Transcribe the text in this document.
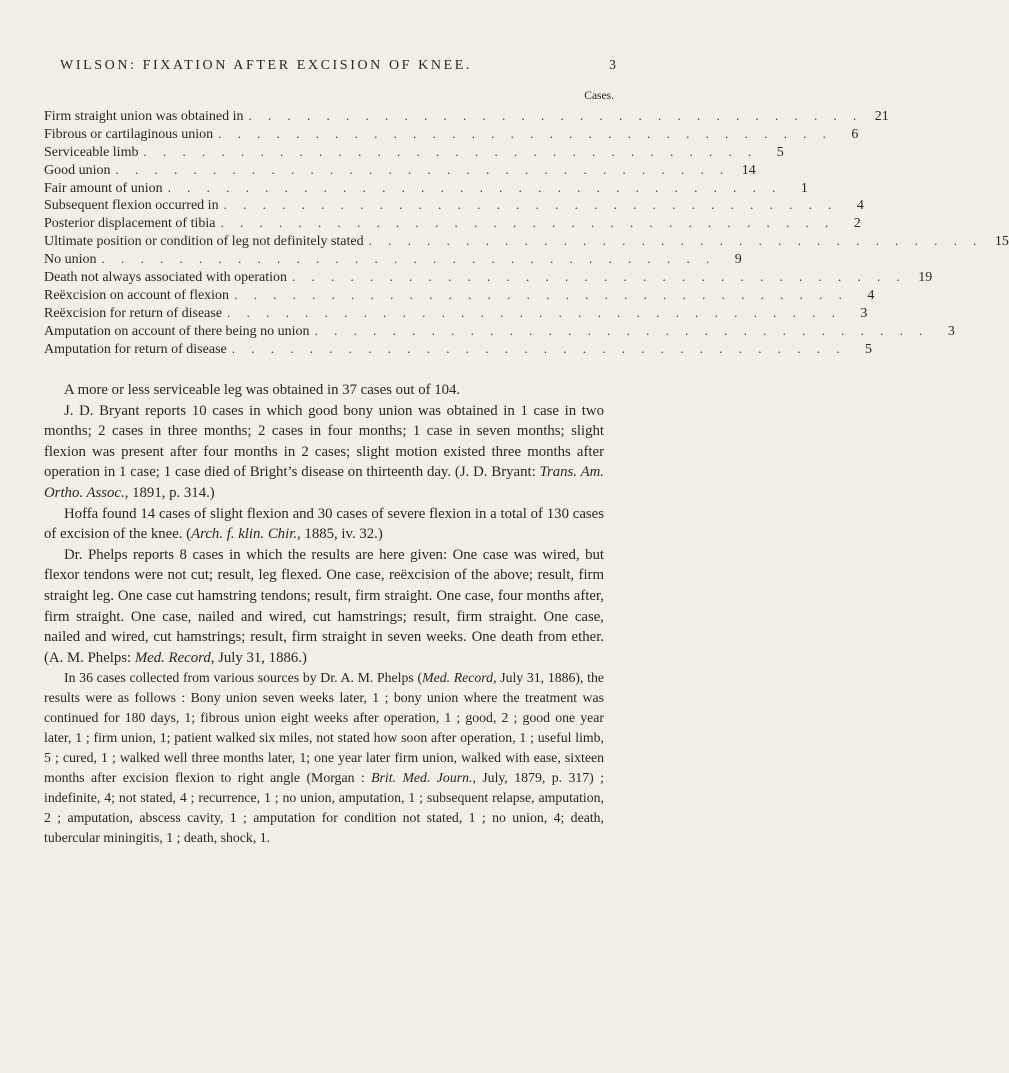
WILSON: FIXATION AFTER EXCISION OF KNEE.	3
Cases.
Firm straight union was obtained in . . . . . . . . . . . . . . . . . . . . . . . . . . . . . . . . 21
Fibrous or cartilaginous union . . . . . . . . . . . . . . . . . . . . . . . . . . . . . . . .	6
Serviceable limb . . . . . . . . . . . . . . . . . . . . . . . . . . . . . . . .	5
Good union . . . . . . . . . . . . . . . . . . . . . . . . . . . . . . . . 14
Fair amount of union . . . . . . . . . . . . . . . . . . . . . . . . . . . . . . . .	1
Subsequent flexion occurred in . . . . . . . . . . . . . . . . . . . . . . . . . . . . . . . .	4
Posterior displacement of tibia . . . . . . . . . . . . . . . . . . . . . . . . . . . . . . . .	2
Ultimate position or condition of leg not definitely stated . . . . . . . . . . . . . . . . . . . . . . . . . . . . . . . . 15
No union . . . . . . . . . . . . . . . . . . . . . . . . . . . . . . . .	9
Death not always associated with operation . . . . . . . . . . . . . . . . . . . . . . . . . . . . . . . . 19
Reëxcision on account of flexion . . . . . . . . . . . . . . . . . . . . . . . . . . . . . . . .	4
Reëxcision for return of disease . . . . . . . . . . . . . . . . . . . . . . . . . . . . . . . .	3
Amputation on account of there being no union . . . . . . . . . . . . . . . . . . . . . . . . . . . . . . . .	3
Amputation for return of disease . . . . . . . . . . . . . . . . . . . . . . . . . . . . . . . .	5

A more or less serviceable leg was obtained in 37 cases out of 104.

J. D. Bryant reports 10 cases in which good bony union was obtained in 1 case in two months; 2 cases in three months; 2 cases in four months; 1 case in seven months; slight flexion was present after four months in 2 cases; slight motion existed three months after operation in 1 case; 1 case died of Bright’s disease on thirteenth day. (J. D. Bryant: Trans. Am. Ortho. Assoc., 1891, p. 314.)

Hoffa found 14 cases of slight flexion and 30 cases of severe flexion in a total of 130 cases of excision of the knee. (Arch. f. klin. Chir., 1885, iv. 32.)

Dr. Phelps reports 8 cases in which the results are here given: One case was wired, but flexor tendons were not cut; result, leg flexed. One case, reëxcision of the above; result, firm straight leg. One case cut hamstring tendons; result, firm straight. One case, four months after, firm straight. One case, nailed and wired, cut hamstrings; result, firm straight. One case, nailed and wired, cut hamstrings; result, firm straight in seven weeks. One death from ether. (A. M. Phelps: Med. Record, July 31, 1886.)

In 36 cases collected from various sources by Dr. A. M. Phelps (Med. Record, July 31, 1886), the results were as follows : Bony union seven weeks later, 1 ; bony union where the treatment was continued for 180 days, 1; fibrous union eight weeks after operation, 1 ; good, 2 ; good one year later, 1 ; firm union, 1; patient walked six miles, not stated how soon after operation, 1 ; useful limb, 5 ; cured, 1 ; walked well three months later, 1; one year later firm union, walked with ease, sixteen months after excision flexion to right angle (Morgan : Brit. Med. Journ., July, 1879, p. 317) ; indefinite, 4; not stated, 4 ; recurrence, 1 ; no union, amputation, 1 ; subsequent relapse, amputation, 2 ; amputation, abscess cavity, 1 ; amputation for condition not stated, 1 ; no union, 4; death, tubercular miningitis, 1 ; death, shock, 1.
